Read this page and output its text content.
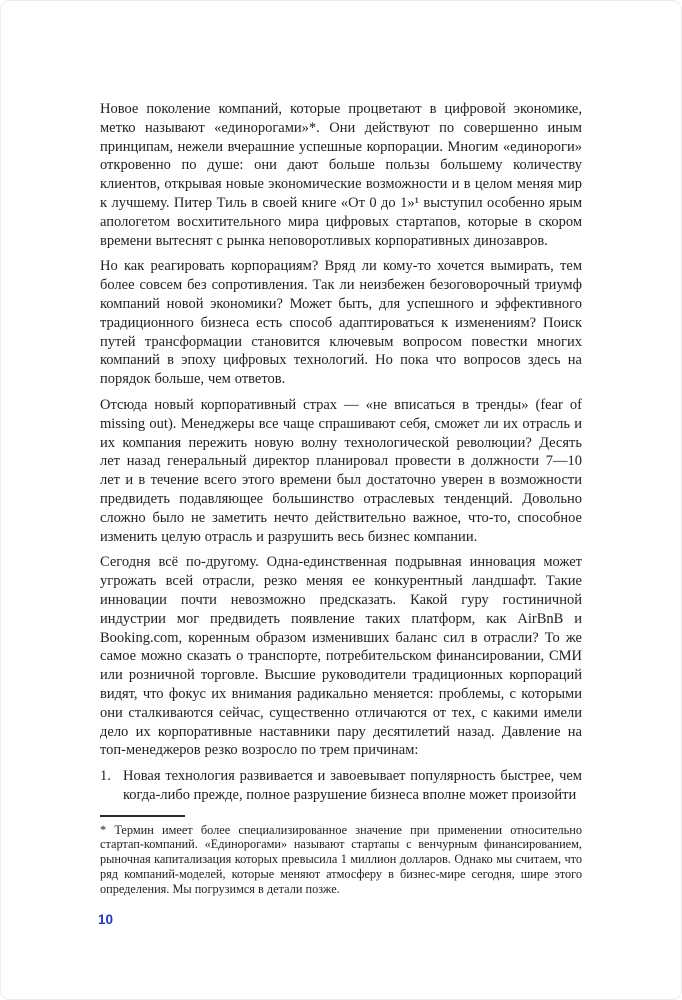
Новое поколение компаний, которые процветают в цифровой экономике, метко называют «единорогами»*. Они действуют по совершенно иным принципам, нежели вчерашние успешные корпорации. Многим «единороги» откровенно по душе: они дают больше пользы большему количеству клиентов, открывая новые экономические возможности и в целом меняя мир к лучшему. Питер Тиль в своей книге «От 0 до 1»¹ выступил особенно ярым апологетом восхитительного мира цифровых стартапов, которые в скором времени вытеснят с рынка неповоротливых корпоративных динозавров.

Но как реагировать корпорациям? Вряд ли кому-то хочется вымирать, тем более совсем без сопротивления. Так ли неизбежен безоговорочный триумф компаний новой экономики? Может быть, для успешного и эффективного традиционного бизнеса есть способ адаптироваться к изменениям? Поиск путей трансформации становится ключевым вопросом повестки многих компаний в эпоху цифровых технологий. Но пока что вопросов здесь на порядок больше, чем ответов.

Отсюда новый корпоративный страх — «не вписаться в тренды» (fear of missing out). Менеджеры все чаще спрашивают себя, сможет ли их отрасль и их компания пережить новую волну технологической революции? Десять лет назад генеральный директор планировал провести в должности 7—10 лет и в течение всего этого времени был достаточно уверен в возможности предвидеть подавляющее большинство отраслевых тенденций. Довольно сложно было не заметить нечто действительно важное, что-то, способное изменить целую отрасль и разрушить весь бизнес компании.

Сегодня всё по-другому. Одна-единственная подрывная инновация может угрожать всей отрасли, резко меняя ее конкурентный ландшафт. Такие инновации почти невозможно предсказать. Какой гуру гостиничной индустрии мог предвидеть появление таких платформ, как AirBnB и Booking.com, коренным образом изменивших баланс сил в отрасли? То же самое можно сказать о транспорте, потребительском финансировании, СМИ или розничной торговле. Высшие руководители традиционных корпораций видят, что фокус их внимания радикально меняется: проблемы, с которыми они сталкиваются сейчас, существенно отличаются от тех, с какими имели дело их корпоративные наставники пару десятилетий назад. Давление на топ-менеджеров резко возросло по трем причинам:

1. Новая технология развивается и завоевывает популярность быстрее, чем когда-либо прежде, полное разрушение бизнеса вполне может произойти

* Термин имеет более специализированное значение при применении относительно стартап-компаний. «Единорогами» называют стартапы с венчурным финансированием, рыночная капитализация которых превысила 1 миллион долларов. Однако мы считаем, что ряд компаний-моделей, которые меняют атмосферу в бизнес-мире сегодня, шире этого определения. Мы погрузимся в детали позже.

10
